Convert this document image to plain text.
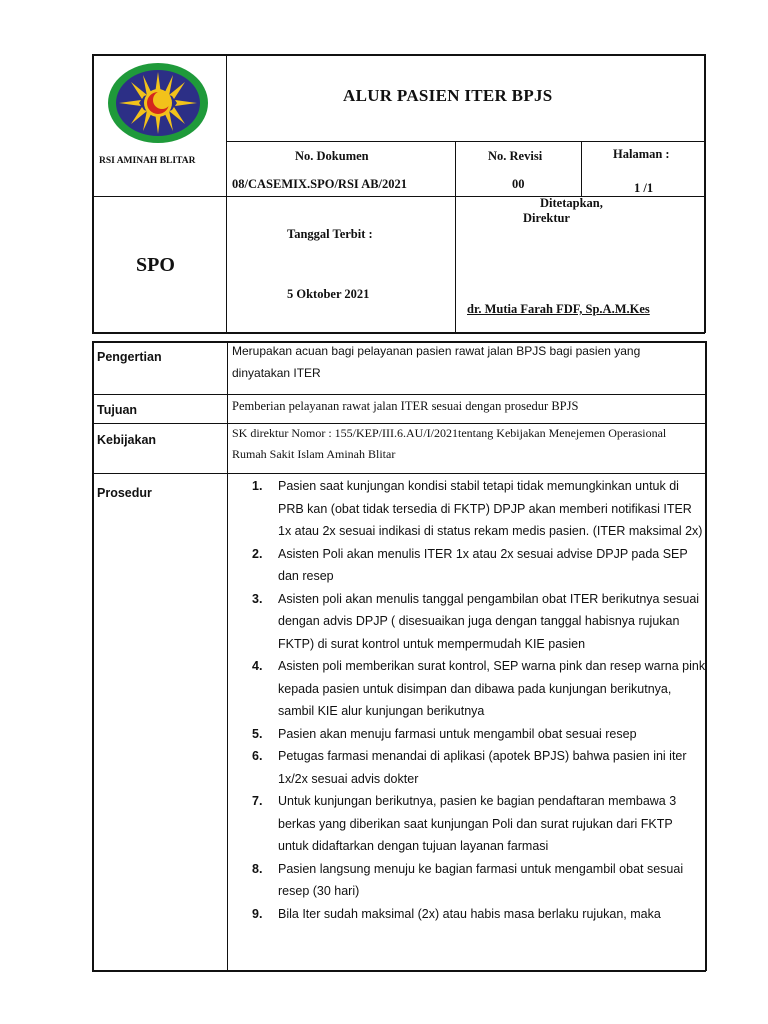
RSI AMINAH BLITAR
ALUR PASIEN ITER BPJS
No. Dokumen
08/CASEMIX.SPO/RSI AB/2021
No. Revisi
00
Halaman :
1 /1
SPO
Tanggal Terbit :
5 Oktober 2021
Ditetapkan,
Direktur
dr. Mutia Farah FDF, Sp.A.M.Kes
Pengertian	Merupakan acuan bagi pelayanan pasien rawat jalan BPJS bagi pasien yang dinyatakan ITER
Tujuan	Pemberian pelayanan rawat jalan ITER sesuai dengan prosedur BPJS
Kebijakan	SK direktur Nomor : 155/KEP/III.6.AU/I/2021tentang Kebijakan Menejemen Operasional Rumah Sakit Islam Aminah Blitar
Prosedur	1. Pasien saat kunjungan kondisi stabil tetapi tidak memungkinkan untuk di PRB kan (obat tidak tersedia di FKTP) DPJP akan memberi notifikasi ITER 1x atau 2x sesuai indikasi di status rekam medis pasien. (ITER maksimal 2x)
2. Asisten Poli akan menulis ITER 1x atau 2x sesuai advise DPJP pada SEP dan resep
3. Asisten poli akan menulis tanggal pengambilan obat ITER berikutnya sesuai dengan advis DPJP ( disesuaikan juga dengan tanggal habisnya rujukan FKTP) di surat kontrol untuk mempermudah KIE pasien
4. Asisten poli memberikan surat kontrol, SEP warna pink dan resep warna pink kepada pasien untuk disimpan dan dibawa pada kunjungan berikutnya, sambil KIE alur kunjungan berikutnya
5. Pasien akan menuju farmasi untuk mengambil obat sesuai resep
6. Petugas farmasi menandai di aplikasi (apotek BPJS) bahwa pasien ini iter 1x/2x sesuai advis dokter
7. Untuk kunjungan berikutnya, pasien ke bagian pendaftaran membawa 3 berkas yang diberikan saat kunjungan Poli dan surat rujukan dari FKTP untuk didaftarkan dengan tujuan layanan farmasi
8. Pasien langsung menuju ke bagian farmasi untuk mengambil obat sesuai resep (30 hari)
9. Bila Iter sudah maksimal (2x) atau habis masa berlaku rujukan, maka
